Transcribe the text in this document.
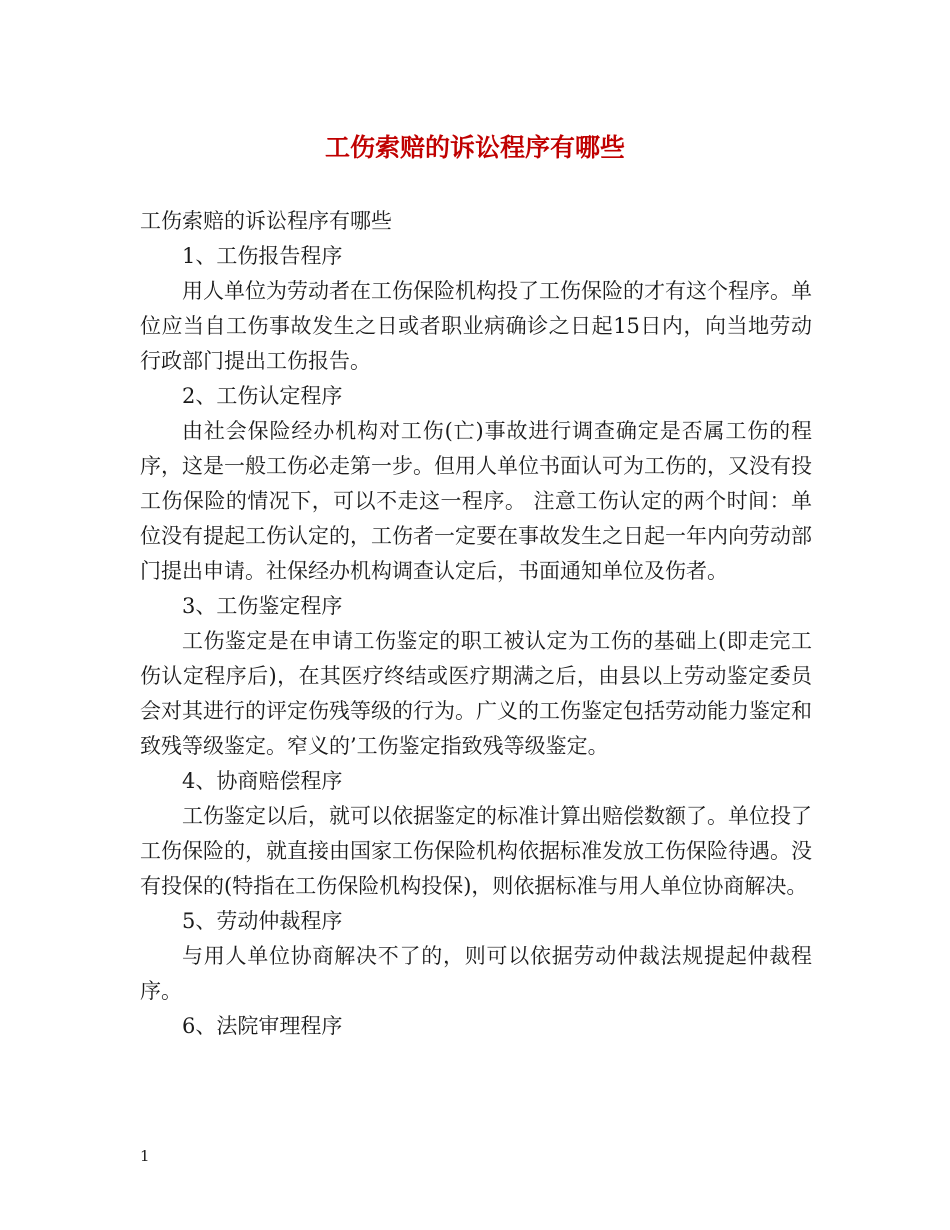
工伤索赔的诉讼程序有哪些

工伤索赔的诉讼程序有哪些

1、工伤报告程序

用人单位为劳动者在工伤保险机构投了工伤保险的才有这个程序。单位应当自工伤事故发生之日或者职业病确诊之日起15日内，向当地劳动行政部门提出工伤报告。

2、工伤认定程序

由社会保险经办机构对工伤(亡)事故进行调查确定是否属工伤的程序，这是一般工伤必走第一步。但用人单位书面认可为工伤的，又没有投工伤保险的情况下，可以不走这一程序。 注意工伤认定的两个时间：单位没有提起工伤认定的，工伤者一定要在事故发生之日起一年内向劳动部门提出申请。社保经办机构调查认定后，书面通知单位及伤者。

3、工伤鉴定程序

工伤鉴定是在申请工伤鉴定的职工被认定为工伤的基础上(即走完工伤认定程序后)，在其医疗终结或医疗期满之后，由县以上劳动鉴定委员会对其进行的评定伤残等级的行为。广义的工伤鉴定包括劳动能力鉴定和致残等级鉴定。窄义的’工伤鉴定指致残等级鉴定。

4、协商赔偿程序

工伤鉴定以后，就可以依据鉴定的标准计算出赔偿数额了。单位投了工伤保险的，就直接由国家工伤保险机构依据标准发放工伤保险待遇。没有投保的(特指在工伤保险机构投保)，则依据标准与用人单位协商解决。

5、劳动仲裁程序

与用人单位协商解决不了的，则可以依据劳动仲裁法规提起仲裁程序。

6、法院审理程序

1
